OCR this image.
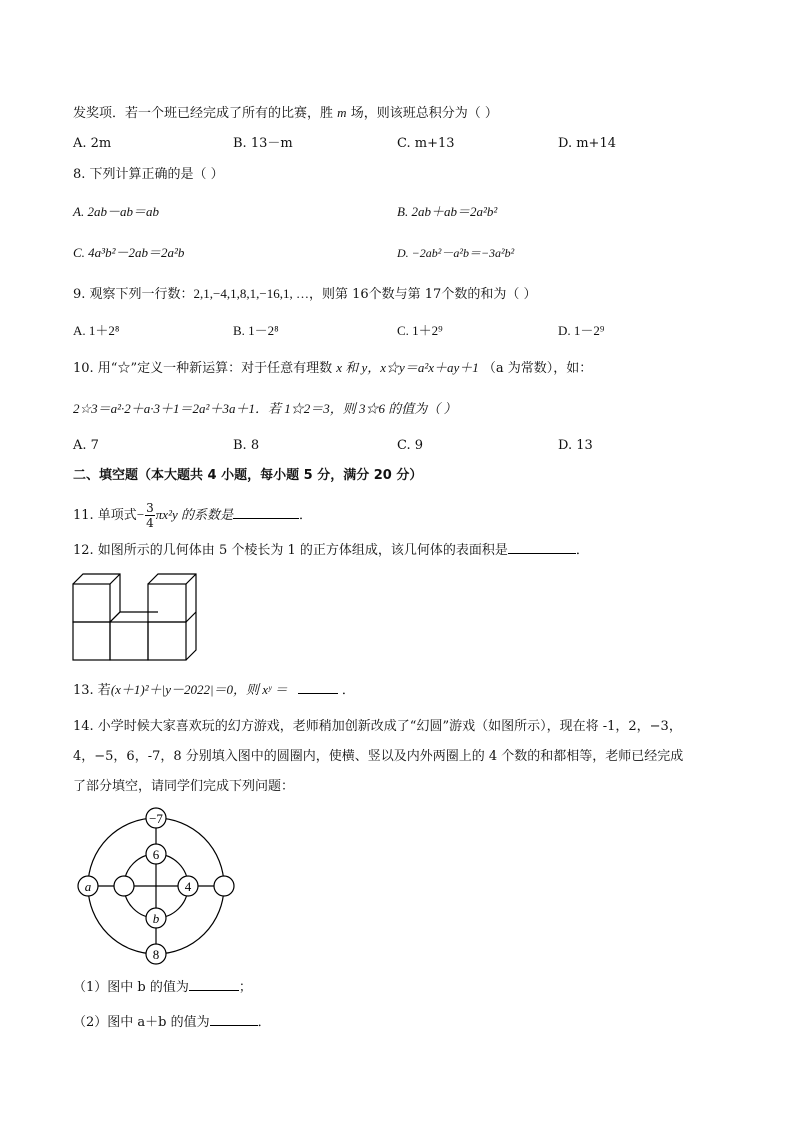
发奖项．若一个班已经完成了所有的比赛，胜 m 场，则该班总积分为（ ）
A. 2m	B. 13－m	C. m+13	D. m+14
8. 下列计算正确的是（ ）
A. 2ab－ab＝ab	B. 2ab＋ab＝2a²b²
C. 4a³b²－2ab＝2a²b	D. −2ab²－a²b＝−3a²b²
9. 观察下列一行数：2,1,−4,1,8,1,−16,1, …，则第 16个数与第 17个数的和为（ ）
A. 1＋2⁸	B. 1－2⁸	C. 1＋2⁹	D. 1－2⁹
10. 用“☆”定义一种新运算：对于任意有理数 x 和 y，x☆y＝a²x＋ay＋1 （a 为常数），如：
2☆3＝a²·2＋a·3＋1＝2a²＋3a＋1．若 1☆2＝3，则 3☆6 的值为（ ）
A. 7	B. 8	C. 9	D. 13
二、填空题（本大题共 4 小题，每小题 5 分，满分 20 分）
11. 单项式− $\frac{3}{4} \pi x^2y$ 的系数是	．
12. 如图所示的几何体由 5 个棱长为 1 的正方体组成，该几何体的表面积是	．
13. 若(x＋1)²＋|y－2022|＝0，则 xʸ ＝	．
14. 小学时候大家喜欢玩的幻方游戏，老师稍加创新改成了“幻圆”游戏（如图所示），现在将 -1，2，−3，
4，−5，6，-7，8 分别填入图中的圆圈内，使横、竖以及内外两圈上的 4 个数的和都相等，老师已经完成
了部分填空，请同学们完成下列问题：
−7
6
a	4
b
8
（1）图中 b 的值为	；
（2）图中 a＋b 的值为	．
